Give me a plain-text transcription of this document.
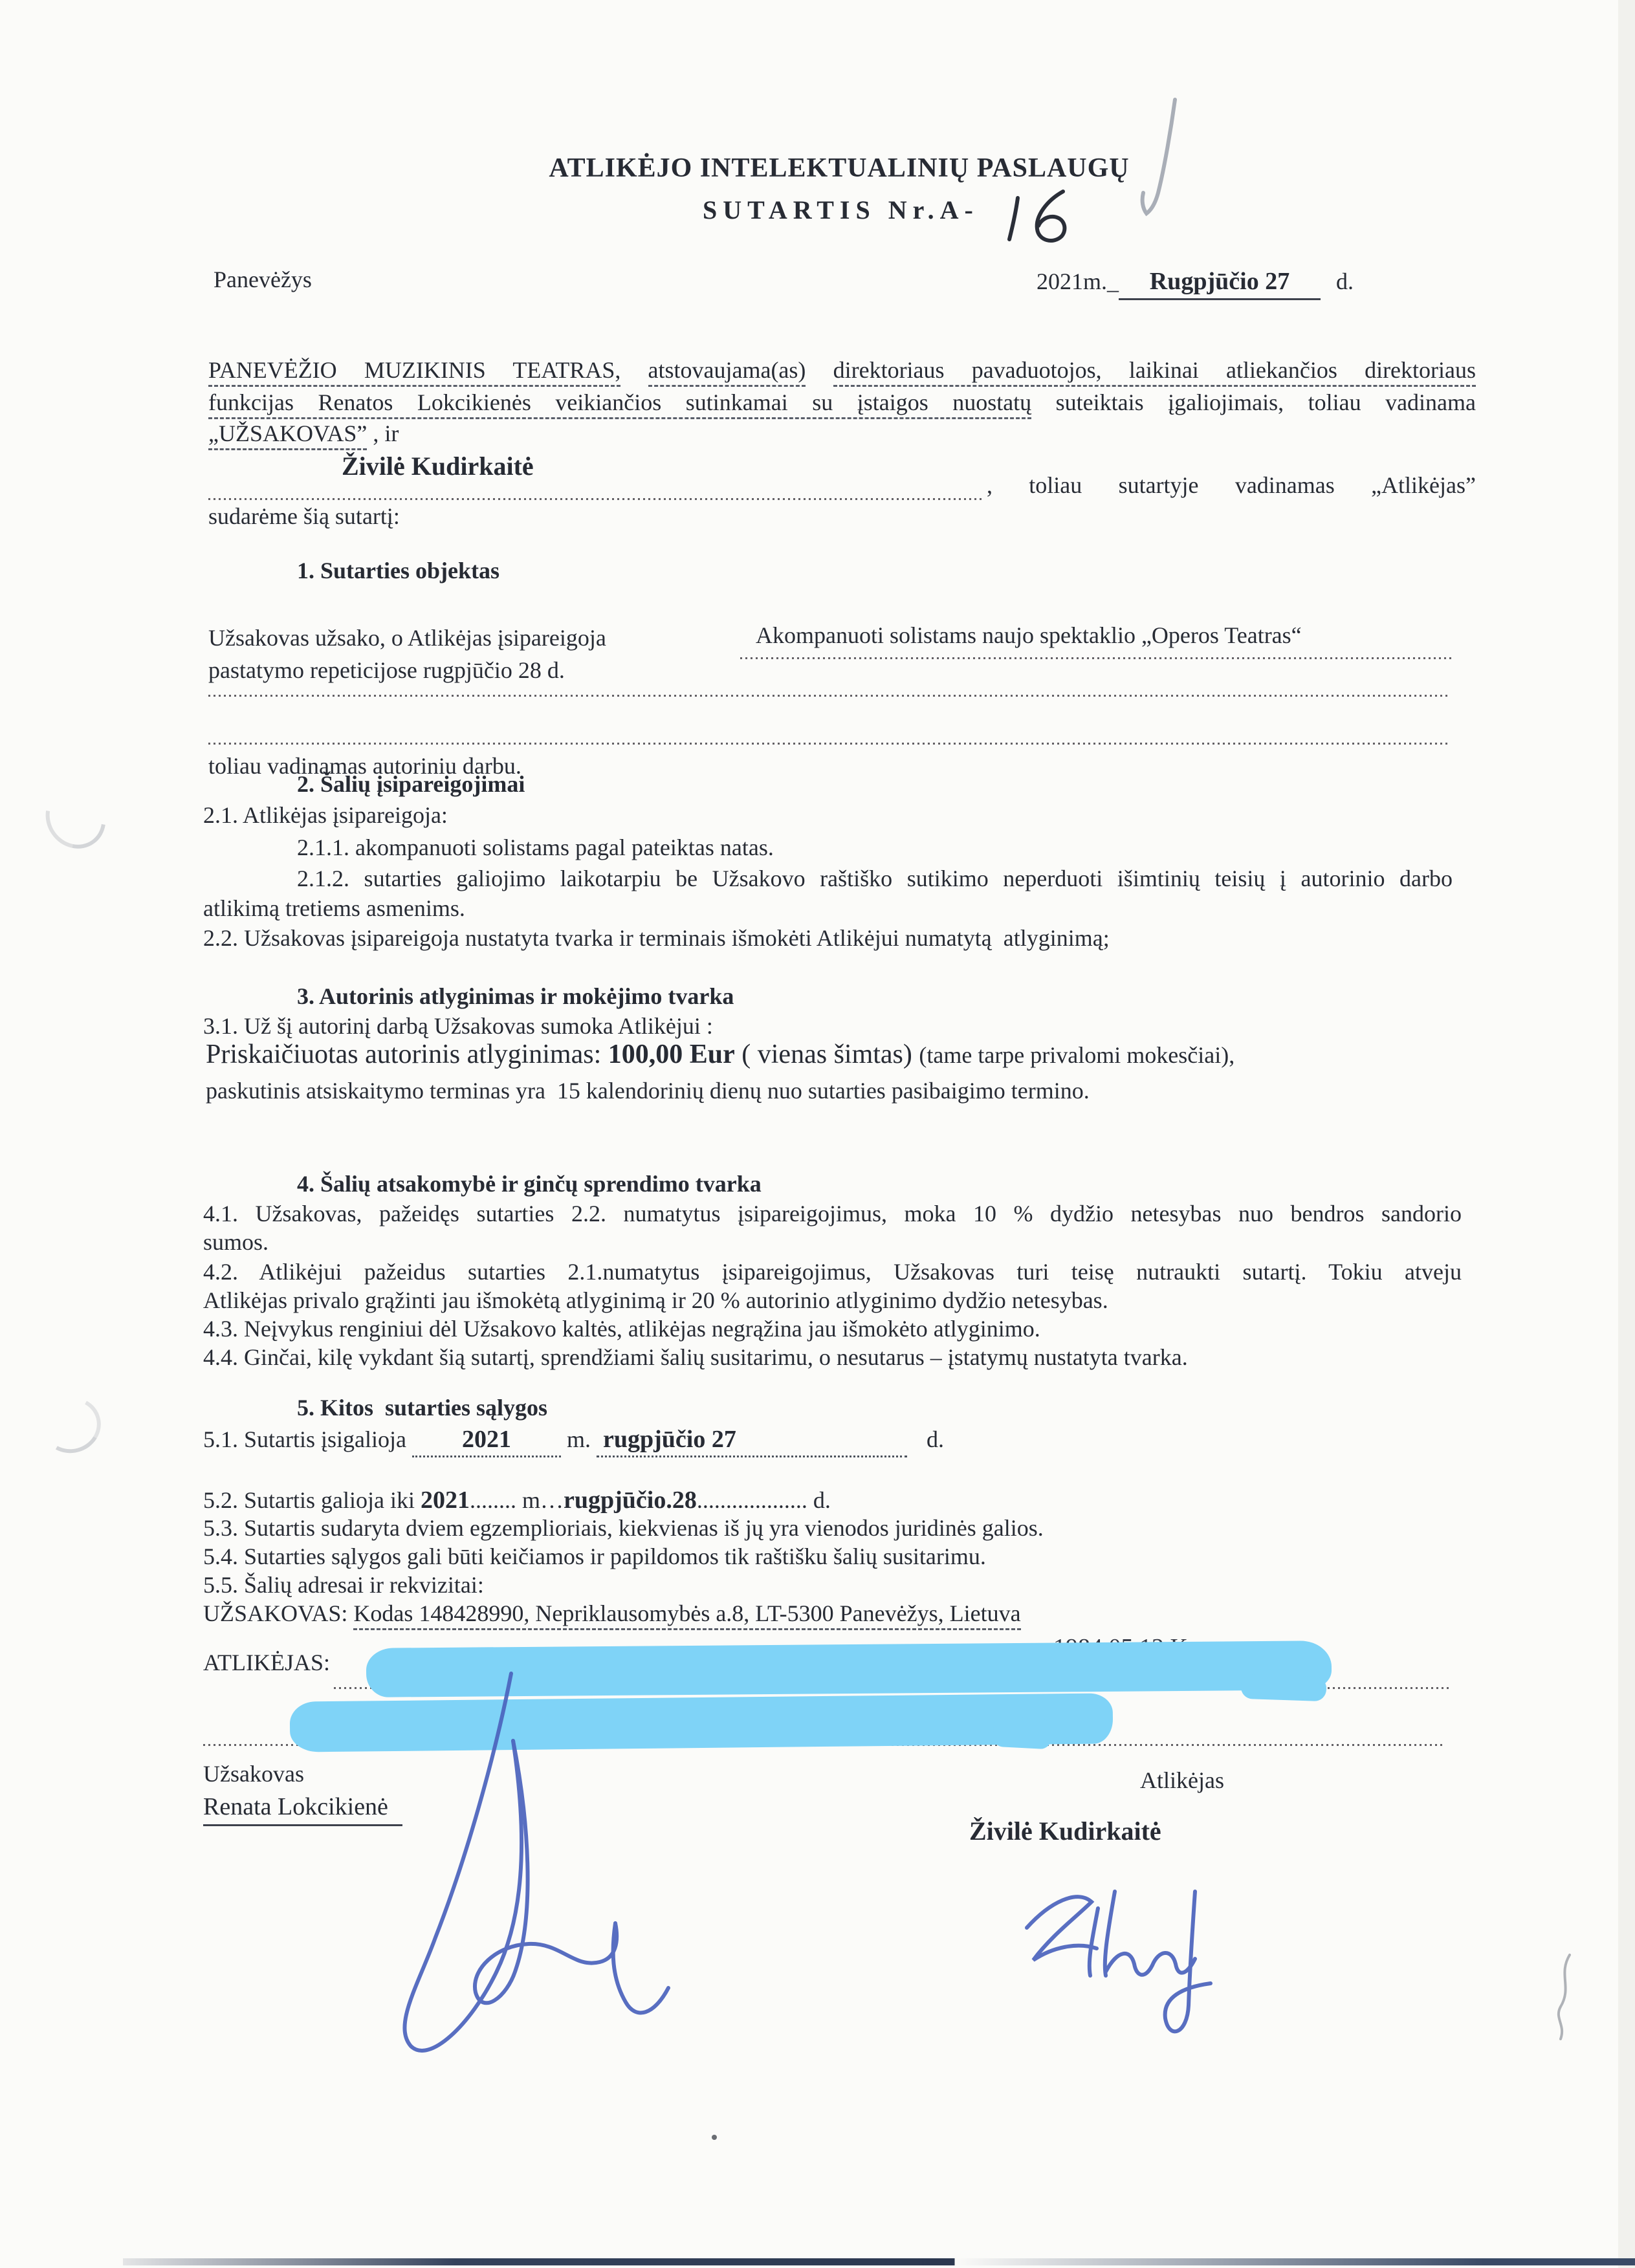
ATLIKĖJO INTELEKTUALINIŲ PASLAUGŲ
SUTARTIS Nr.A-
Panevėžys	2021m._ Rugpjūčio 27 d.
PANEVĖŽIO MUZIKINIS TEATRAS, atstovaujama(as) direktoriaus pavaduotojos, laikinai atliekančios direktoriaus
funkcijas Renatos Lokcikienės veikiančios sutinkamai su įstaigos nuostatų suteiktais įgaliojimais, toliau vadinama
„UŽSAKOVAS” , ir
Živilė Kudirkaitė
, toliau sutartyje vadinamas „Atlikėjas”
sudarėme šią sutartį:
1. Sutarties objektas
Užsakovas užsako, o Atlikėjas įsipareigoja
pastatymo repeticijose rugpjūčio 28 d.
Akompanuoti solistams naujo spektaklio „Operos Teatras“
toliau vadinamas autoriniu darbu.
2. Šalių įsipareigojimai
2.1. Atlikėjas įsipareigoja:
2.1.1. akompanuoti solistams pagal pateiktas natas.
2.1.2. sutarties galiojimo laikotarpiu be Užsakovo raštiško sutikimo neperduoti išimtinių teisių į autorinio darbo
atlikimą tretiems asmenims.
2.2. Užsakovas įsipareigoja nustatyta tvarka ir terminais išmokėti Atlikėjui numatytą  atlyginimą;
3. Autorinis atlyginimas ir mokėjimo tvarka
3.1. Už šį autorinį darbą Užsakovas sumoka Atlikėjui :
Priskaičiuotas autorinis atlyginimas: 100,00 Eur ( vienas šimtas) (tame tarpe privalomi mokesčiai),
paskutinis atsiskaitymo terminas yra  15 kalendorinių dienų nuo sutarties pasibaigimo termino.
4. Šalių atsakomybė ir ginčų sprendimo tvarka
4.1. Užsakovas, pažeidęs sutarties 2.2. numatytus įsipareigojimus, moka 10 % dydžio netesybas nuo bendros sandorio
sumos.
4.2. Atlikėjui pažeidus sutarties 2.1.numatytus įsipareigojimus, Užsakovas turi teisę nutraukti sutartį. Tokiu atveju
Atlikėjas privalo grąžinti jau išmokėtą atlyginimą ir 20 % autorinio atlyginimo dydžio netesybas.
4.3. Neįvykus renginiui dėl Užsakovo kaltės, atlikėjas negrąžina jau išmokėto atlyginimo.
4.4. Ginčai, kilę vykdant šią sutartį, sprendžiami šalių susitarimu, o nesutarus – įstatymų nustatyta tvarka.
5. Kitos  sutarties sąlygos
5.1. Sutartis įsigalioja 2021 m. rugpjūčio 27	d.
5.2. Sutartis galioja iki 2021........ m…rugpjūčio.28................... d.
5.3. Sutartis sudaryta dviem egzemplioriais, kiekvienas iš jų yra vienodos juridinės galios.
5.4. Sutarties sąlygos gali būti keičiamos ir papildomos tik raštišku šalių susitarimu.
5.5. Šalių adresai ir rekvizitai:
UŽSAKOVAS: Kodas 148428990, Nepriklausomybės a.8, LT-5300 Panevėžys, Lietuva
ATLIKĖJAS:
Užsakovas
Renata Lokcikienė
Atlikėjas
Živilė Kudirkaitė
